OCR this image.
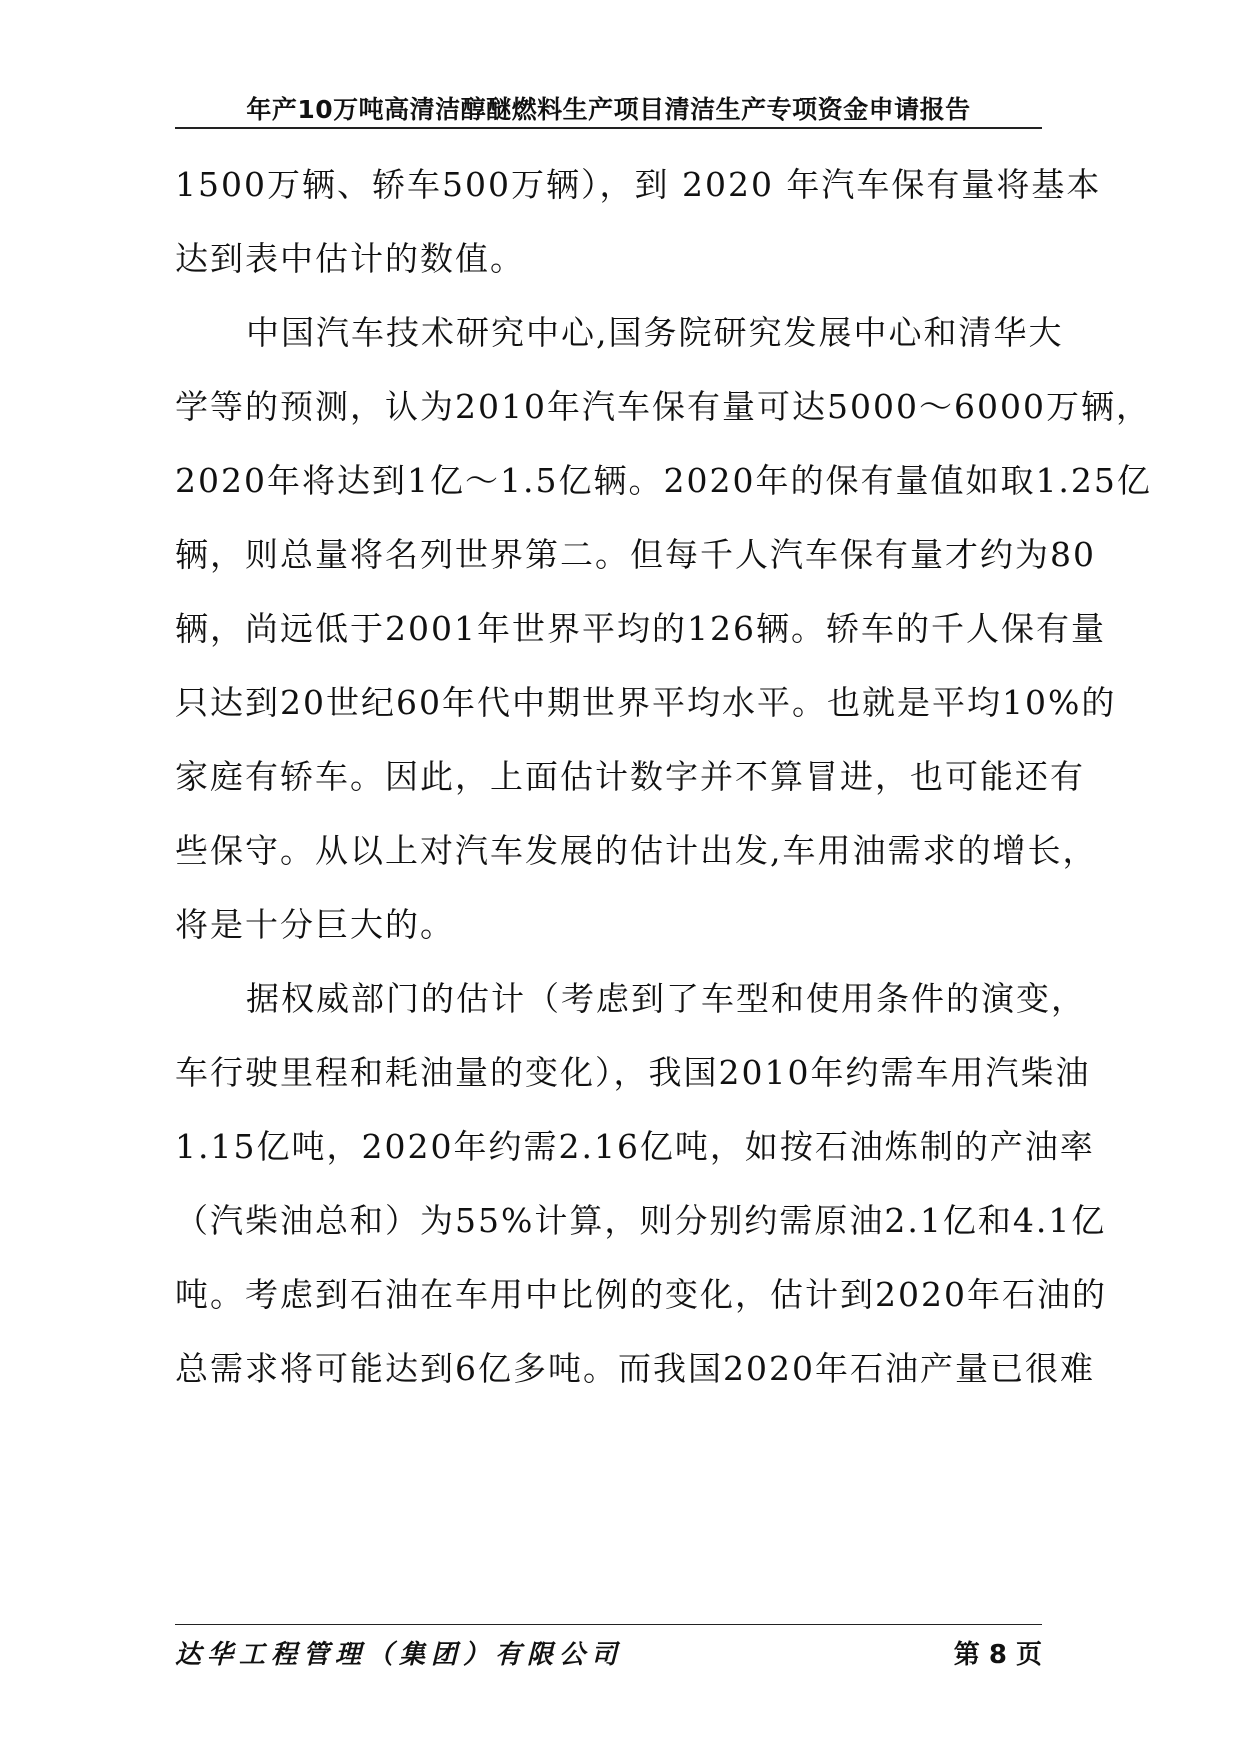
年产10万吨高清洁醇醚燃料生产项目清洁生产专项资金申请报告
1500万辆、轿车500万辆），到 2020 年汽车保有量将基本
达到表中估计的数值。
中国汽车技术研究中心,国务院研究发展中心和清华大
学等的预测，认为2010年汽车保有量可达5000～6000万辆，
2020年将达到1亿～1.5亿辆。2020年的保有量值如取1.25亿
辆，则总量将名列世界第二。但每千人汽车保有量才约为80
辆，尚远低于2001年世界平均的126辆。轿车的千人保有量
只达到20世纪60年代中期世界平均水平。也就是平均10%的
家庭有轿车。因此，上面估计数字并不算冒进，也可能还有
些保守。从以上对汽车发展的估计出发,车用油需求的增长，
将是十分巨大的。
据权威部门的估计（考虑到了车型和使用条件的演变，
车行驶里程和耗油量的变化），我国2010年约需车用汽柴油
1.15亿吨，2020年约需2.16亿吨，如按石油炼制的产油率
（汽柴油总和）为55%计算，则分别约需原油2.1亿和4.1亿
吨。考虑到石油在车用中比例的变化，估计到2020年石油的
总需求将可能达到6亿多吨。而我国2020年石油产量已很难
达华工程管理（集团）有限公司	第 8 页
